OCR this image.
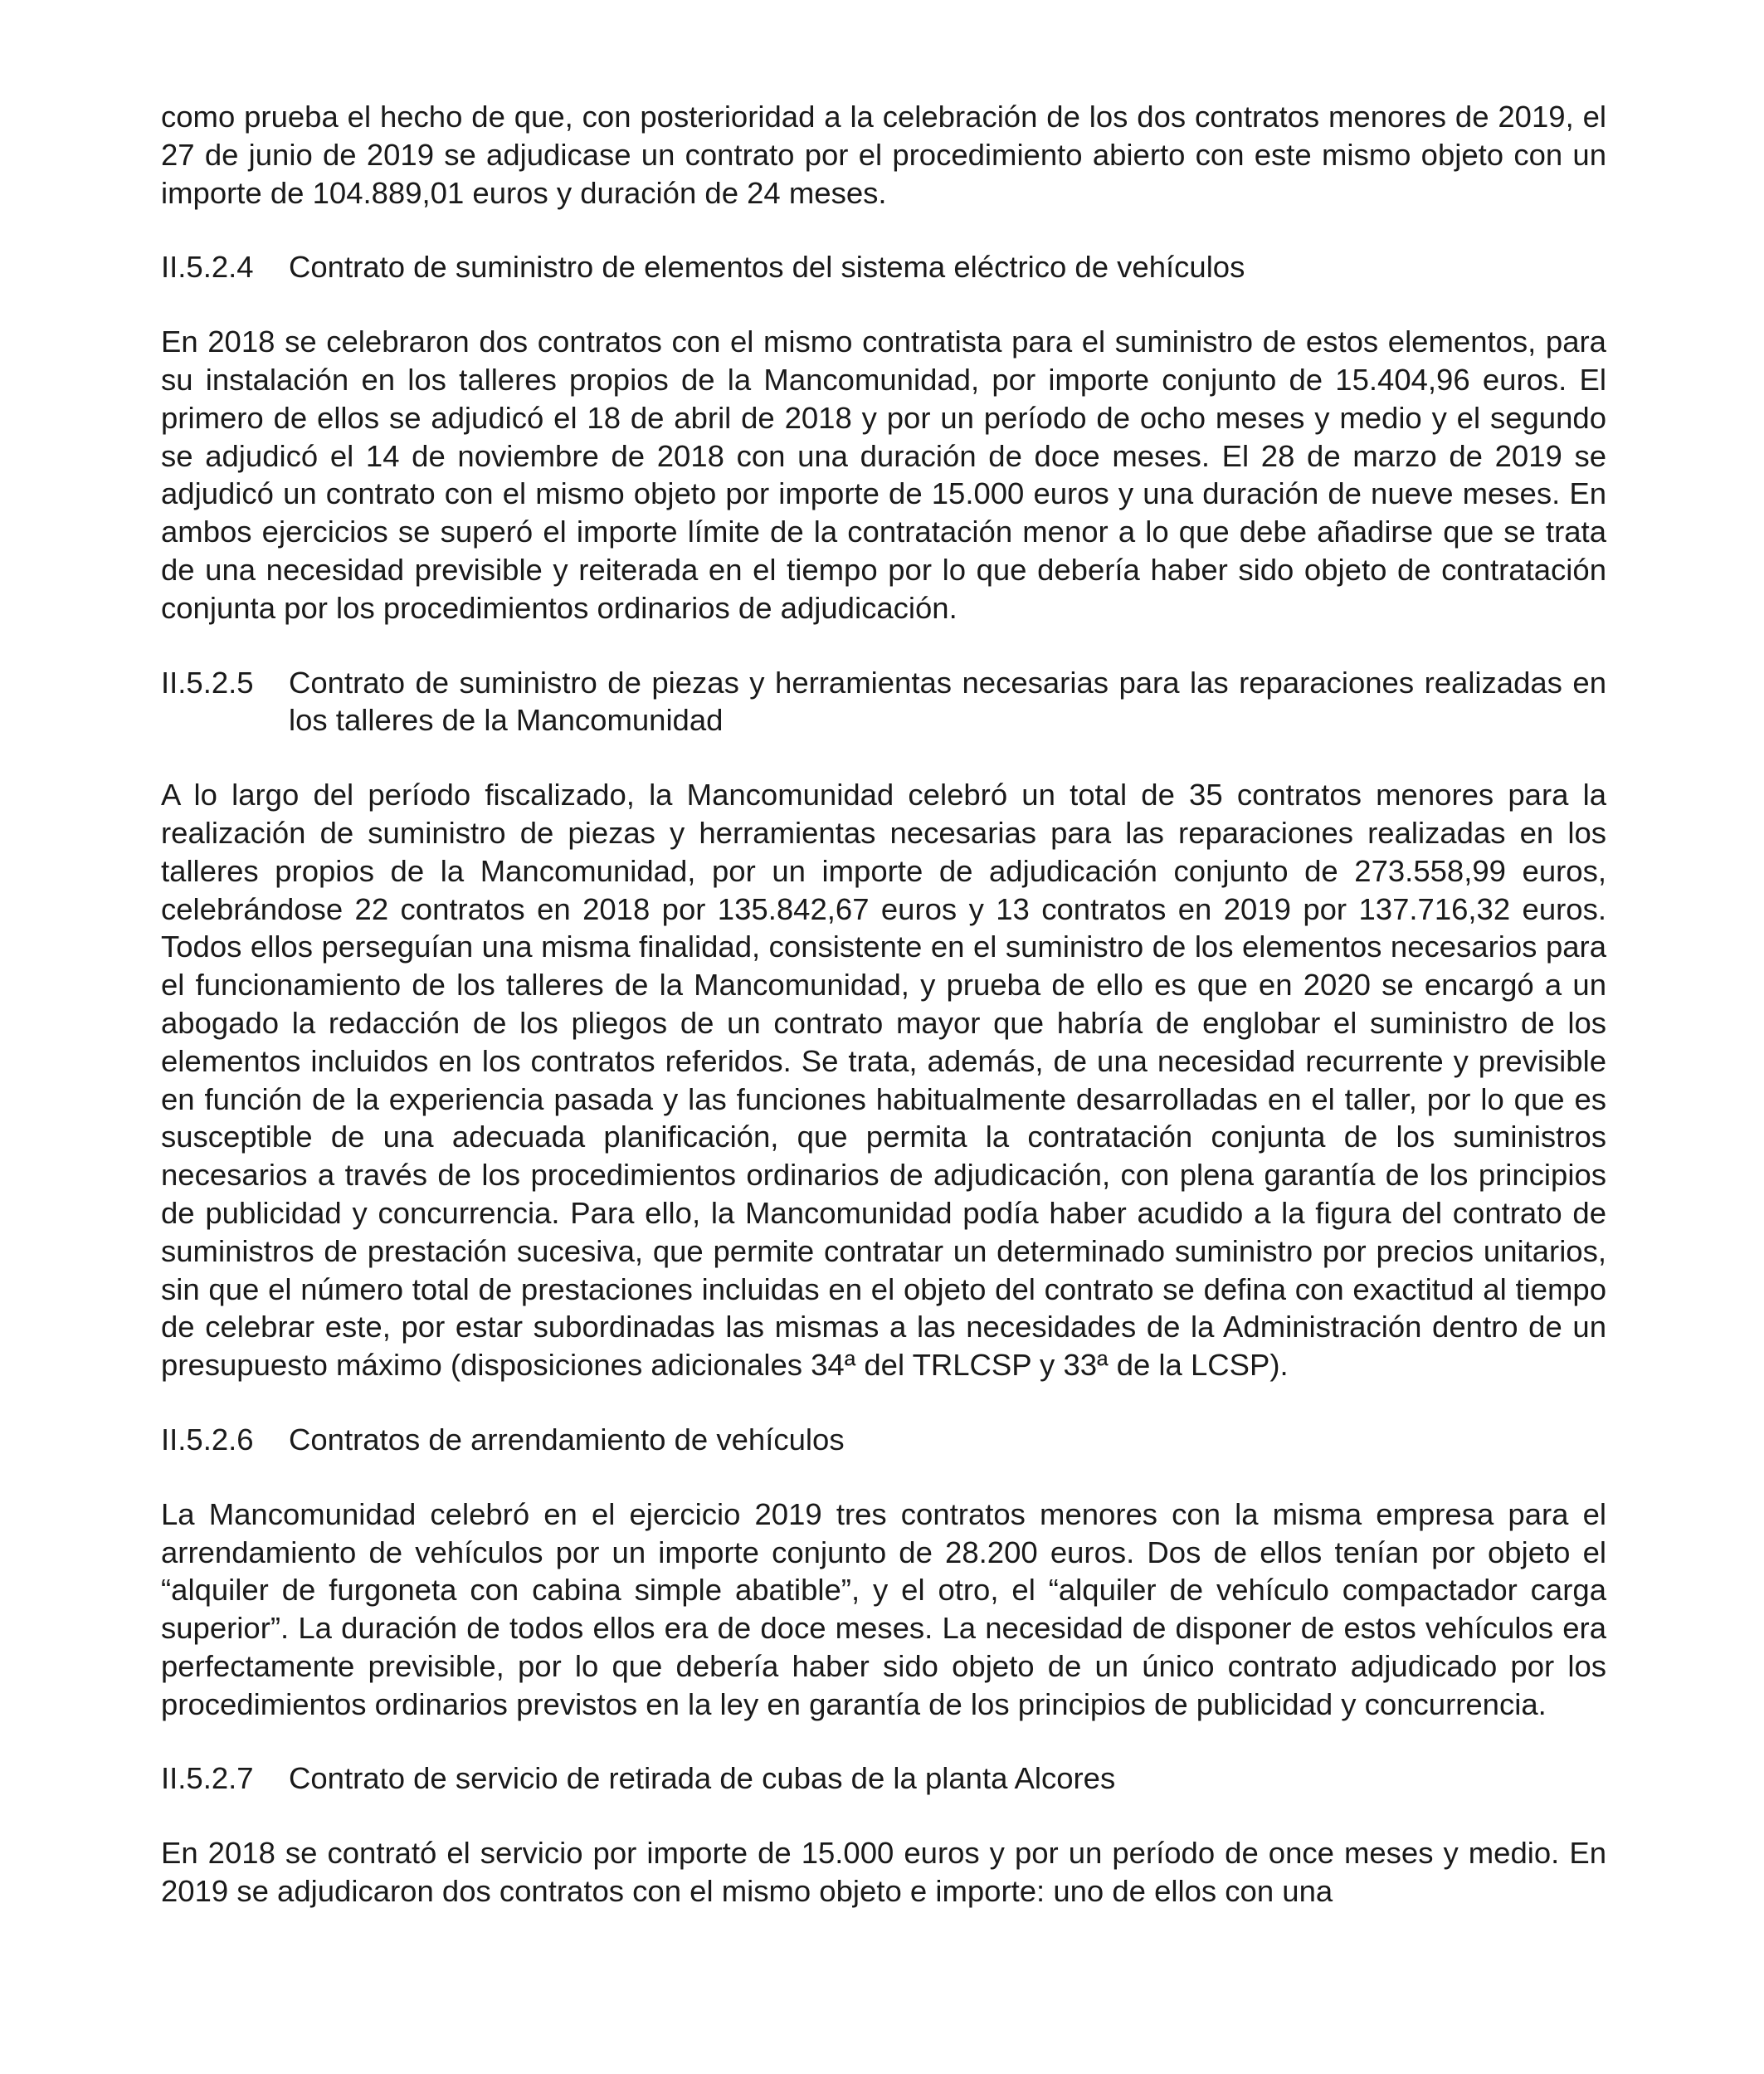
como prueba el hecho de que, con posterioridad a la celebración de los dos contratos menores de 2019, el 27 de junio de 2019 se adjudicase un contrato por el procedimiento abierto con este mismo objeto con un importe de 104.889,01 euros y duración de 24 meses.

II.5.2.4	Contrato de suministro de elementos del sistema eléctrico de vehículos

En 2018 se celebraron dos contratos con el mismo contratista para el suministro de estos elementos, para su instalación en los talleres propios de la Mancomunidad, por importe conjunto de 15.404,96 euros. El primero de ellos se adjudicó el 18 de abril de 2018 y por un período de ocho meses y medio y el segundo se adjudicó el 14 de noviembre de 2018 con una duración de doce meses. El 28 de marzo de 2019 se adjudicó un contrato con el mismo objeto por importe de 15.000 euros y una duración de nueve meses. En ambos ejercicios se superó el importe límite de la contratación menor a lo que debe añadirse que se trata de una necesidad previsible y reiterada en el tiempo por lo que debería haber sido objeto de contratación conjunta por los procedimientos ordinarios de adjudicación.

II.5.2.5	Contrato de suministro de piezas y herramientas necesarias para las reparaciones realizadas en los talleres de la Mancomunidad

A lo largo del período fiscalizado, la Mancomunidad celebró un total de 35 contratos menores para la realización de suministro de piezas y herramientas necesarias para las reparaciones realizadas en los talleres propios de la Mancomunidad, por un importe de adjudicación conjunto de 273.558,99 euros, celebrándose 22 contratos en 2018 por 135.842,67 euros y 13 contratos en 2019 por 137.716,32 euros. Todos ellos perseguían una misma finalidad, consistente en el suministro de los elementos necesarios para el funcionamiento de los talleres de la Mancomunidad, y prueba de ello es que en 2020 se encargó a un abogado la redacción de los pliegos de un contrato mayor que habría de englobar el suministro de los elementos incluidos en los contratos referidos. Se trata, además, de una necesidad recurrente y previsible en función de la experiencia pasada y las funciones habitualmente desarrolladas en el taller, por lo que es susceptible de una adecuada planificación, que permita la contratación conjunta de los suministros necesarios a través de los procedimientos ordinarios de adjudicación, con plena garantía de los principios de publicidad y concurrencia. Para ello, la Mancomunidad podía haber acudido a la figura del contrato de suministros de prestación sucesiva, que permite contratar un determinado suministro por precios unitarios, sin que el número total de prestaciones incluidas en el objeto del contrato se defina con exactitud al tiempo de celebrar este, por estar subordinadas las mismas a las necesidades de la Administración dentro de un presupuesto máximo (disposiciones adicionales 34ª del TRLCSP y 33ª de la LCSP).

II.5.2.6	Contratos de arrendamiento de vehículos

La Mancomunidad celebró en el ejercicio 2019 tres contratos menores con la misma empresa para el arrendamiento de vehículos por un importe conjunto de 28.200 euros. Dos de ellos tenían por objeto el “alquiler de furgoneta con cabina simple abatible”, y el otro, el “alquiler de vehículo compactador carga superior”. La duración de todos ellos era de doce meses. La necesidad de disponer de estos vehículos era perfectamente previsible, por lo que debería haber sido objeto de un único contrato adjudicado por los procedimientos ordinarios previstos en la ley en garantía de los principios de publicidad y concurrencia.

II.5.2.7	Contrato de servicio de retirada de cubas de la planta Alcores

En 2018 se contrató el servicio por importe de 15.000 euros y por un período de once meses y medio. En 2019 se adjudicaron dos contratos con el mismo objeto e importe: uno de ellos con una
